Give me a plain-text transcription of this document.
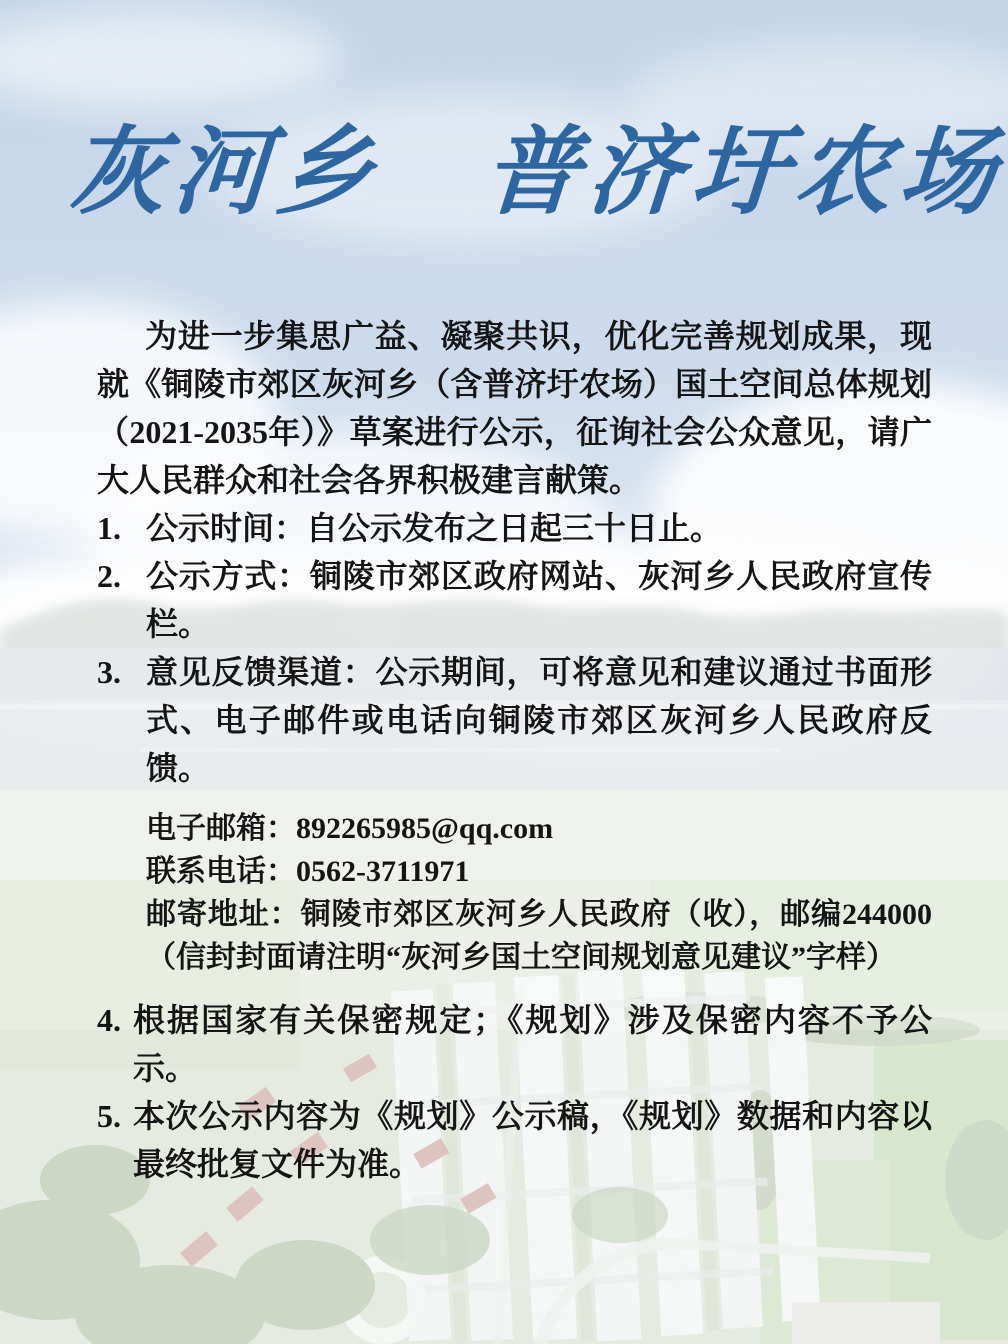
灰河乡　普济圩农场

为进一步集思广益、凝聚共识，优化完善规划成果，现就《铜陵市郊区灰河乡（含普济圩农场）国土空间总体规划（2021-2035年）》草案进行公示，征询社会公众意见，请广大人民群众和社会各界积极建言献策。

1. 公示时间：自公示发布之日起三十日止。
2. 公示方式：铜陵市郊区政府网站、灰河乡人民政府宣传栏。
3. 意见反馈渠道：公示期间，可将意见和建议通过书面形式、电子邮件或电话向铜陵市郊区灰河乡人民政府反馈。

电子邮箱：892265985@qq.com

联系电话：0562-3711971

邮寄地址：铜陵市郊区灰河乡人民政府（收），邮编244000（信封封面请注明“灰河乡国土空间规划意见建议”字样）

4. 根据国家有关保密规定；《规划》涉及保密内容不予公示。
5. 本次公示内容为《规划》公示稿，《规划》数据和内容以最终批复文件为准。
